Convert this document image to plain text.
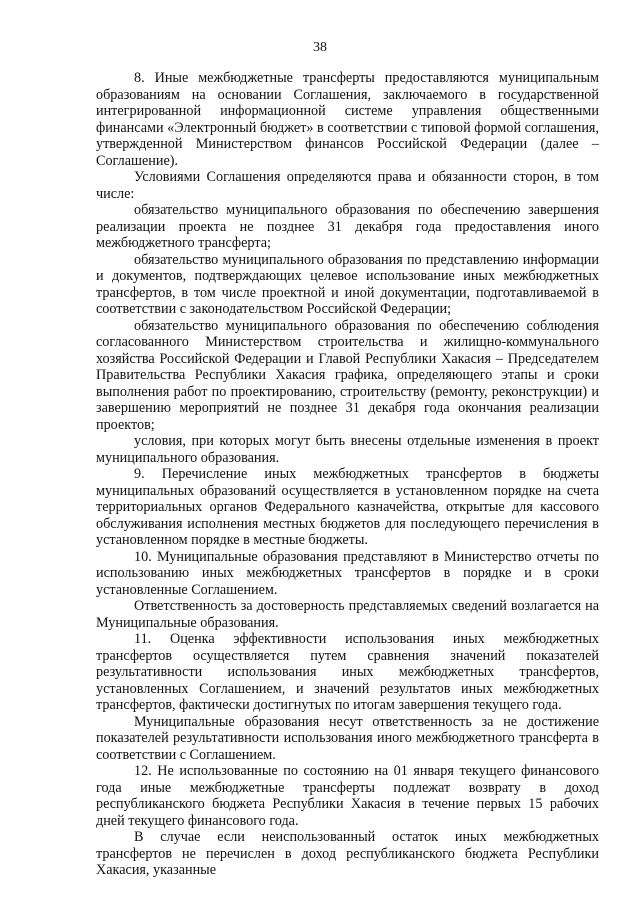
38

8. Иные межбюджетные трансферты предоставляются муниципальным образованиям на основании Соглашения, заключаемого в государственной интегрированной информационной системе управления общественными финансами «Электронный бюджет» в соответствии с типовой формой соглашения, утвержденной Министерством финансов Российской Федерации (далее – Соглашение).

Условиями Соглашения определяются права и обязанности сторон, в том числе:

обязательство муниципального образования по обеспечению завершения реализации проекта не позднее 31 декабря года предоставления иного межбюджетного трансферта;

обязательство муниципального образования по представлению информации и документов, подтверждающих целевое использование иных межбюджетных трансфертов, в том числе проектной и иной документации, подготавливаемой в соответствии с законодательством Российской Федерации;

обязательство муниципального образования по обеспечению соблюдения согласованного Министерством строительства и жилищно-коммунального хозяйства Российской Федерации и Главой Республики Хакасия – Председателем Правительства Республики Хакасия графика, определяющего этапы и сроки выполнения работ по проектированию, строительству (ремонту, реконструкции) и завершению мероприятий не позднее 31 декабря года окончания реализации проектов;

условия, при которых могут быть внесены отдельные изменения в проект муниципального образования.

9. Перечисление иных межбюджетных трансфертов в бюджеты муниципальных образований осуществляется в установленном порядке на счета территориальных органов Федерального казначейства, открытые для кассового обслуживания исполнения местных бюджетов для последующего перечисления в установленном порядке в местные бюджеты.

10. Муниципальные образования представляют в Министерство отчеты по использованию иных межбюджетных трансфертов в порядке и в сроки установленные Соглашением.

Ответственность за достоверность представляемых сведений возлагается на Муниципальные образования.

11. Оценка эффективности использования иных межбюджетных трансфертов осуществляется путем сравнения значений показателей результативности использования иных межбюджетных трансфертов, установленных Соглашением, и значений результатов иных межбюджетных трансфертов, фактически достигнутых по итогам завершения текущего года.

Муниципальные образования несут ответственность за не достижение показателей результативности использования иного межбюджетного трансферта в соответствии с Соглашением.

12. Не использованные по состоянию на 01 января текущего финансового года иные межбюджетные трансферты подлежат возврату в доход республиканского бюджета Республики Хакасия в течение первых 15 рабочих дней текущего финансового года.

В случае если неиспользованный остаток иных межбюджетных трансфертов не перечислен в доход республиканского бюджета Республики Хакасия, указанные
